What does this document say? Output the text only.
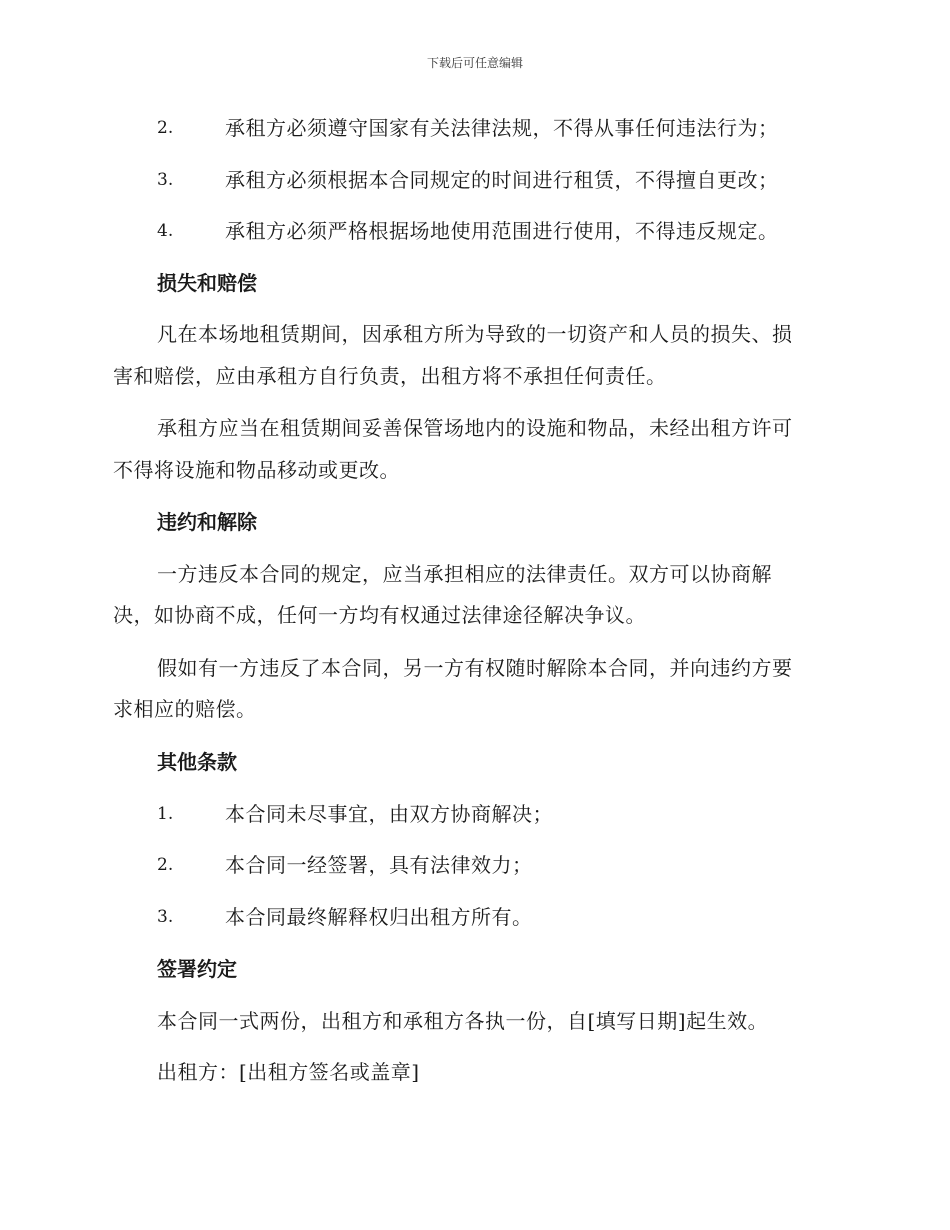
下载后可任意编辑
2.	承租方必须遵守国家有关法律法规，不得从事任何违法行为；
3.	承租方必须根据本合同规定的时间进行租赁，不得擅自更改；
4.	承租方必须严格根据场地使用范围进行使用，不得违反规定。
损失和赔偿
凡在本场地租赁期间，因承租方所为导致的一切资产和人员的损失、损
害和赔偿，应由承租方自行负责，出租方将不承担任何责任。
承租方应当在租赁期间妥善保管场地内的设施和物品，未经出租方许可
不得将设施和物品移动或更改。
违约和解除
一方违反本合同的规定，应当承担相应的法律责任。双方可以协商解
决，如协商不成，任何一方均有权通过法律途径解决争议。
假如有一方违反了本合同，另一方有权随时解除本合同，并向违约方要
求相应的赔偿。
其他条款
1.	本合同未尽事宜，由双方协商解决；
2.	本合同一经签署，具有法律效力；
3.	本合同最终解释权归出租方所有。
签署约定
本合同一式两份，出租方和承租方各执一份，自[填写日期]起生效。
出租方：[出租方签名或盖章]
